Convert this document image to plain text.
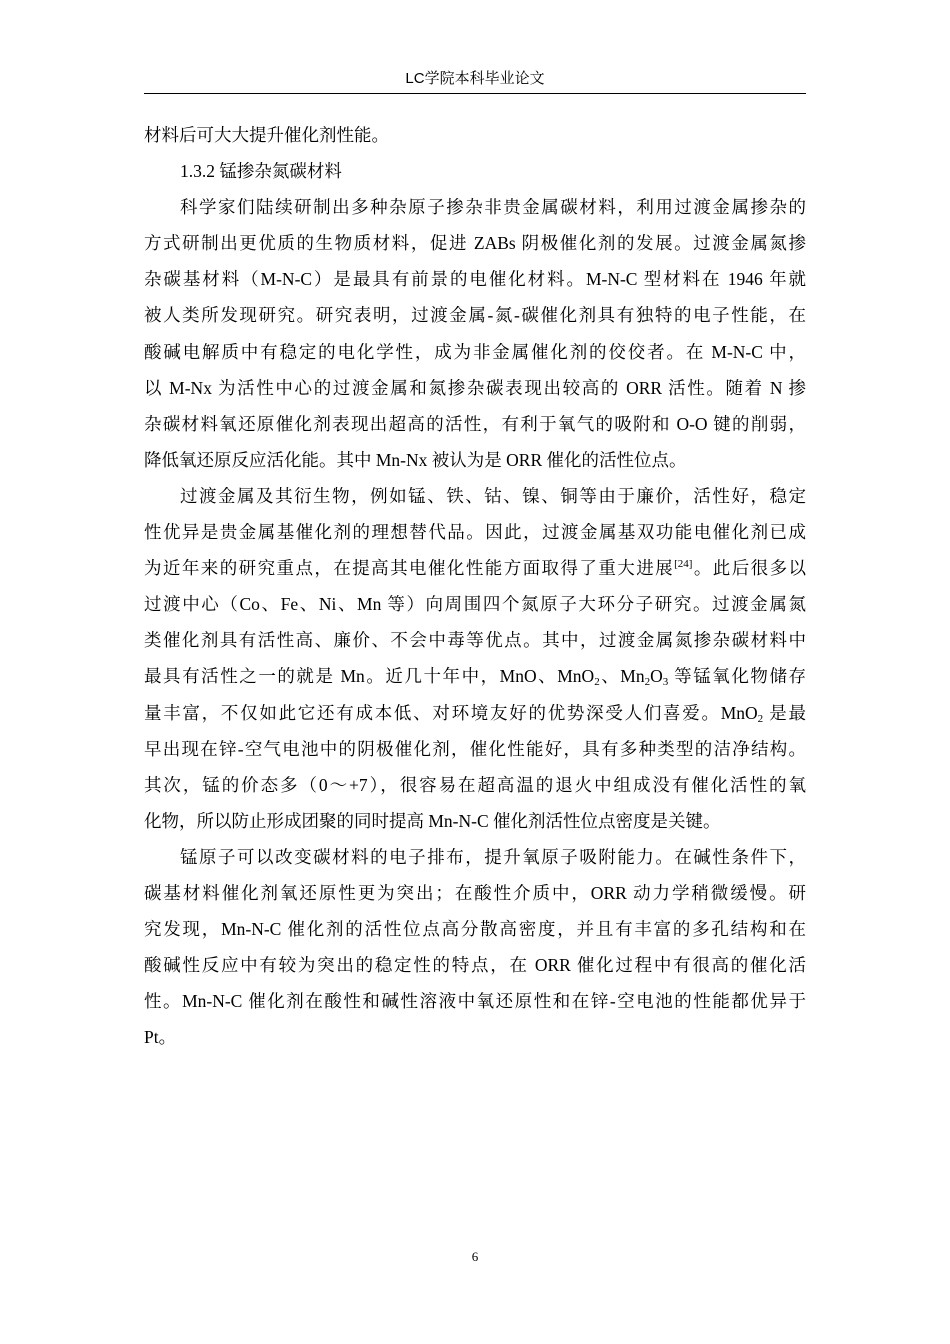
LC学院本科毕业论文
材料后可大大提升催化剂性能。
1.3.2 锰掺杂氮碳材料
科学家们陆续研制出多种杂原子掺杂非贵金属碳材料，利用过渡金属掺杂的
方式研制出更优质的生物质材料，促进 ZABs 阴极催化剂的发展。过渡金属氮掺
杂碳基材料（M-N-C）是最具有前景的电催化材料。M-N-C 型材料在 1946 年就
被人类所发现研究。研究表明，过渡金属-氮-碳催化剂具有独特的电子性能，在
酸碱电解质中有稳定的电化学性，成为非金属催化剂的佼佼者。在 M-N-C 中，
以 M-Nx 为活性中心的过渡金属和氮掺杂碳表现出较高的 ORR 活性。随着 N 掺
杂碳材料氧还原催化剂表现出超高的活性，有利于氧气的吸附和 O-O 键的削弱，
降低氧还原反应活化能。其中 Mn-Nx 被认为是 ORR 催化的活性位点。
过渡金属及其衍生物，例如锰、铁、钴、镍、铜等由于廉价，活性好，稳定
性优异是贵金属基催化剂的理想替代品。因此，过渡金属基双功能电催化剂已成
为近年来的研究重点，在提高其电催化性能方面取得了重大进展[24]。此后很多以
过渡中心（Co、Fe、Ni、Mn 等）向周围四个氮原子大环分子研究。过渡金属氮
类催化剂具有活性高、廉价、不会中毒等优点。其中，过渡金属氮掺杂碳材料中
最具有活性之一的就是 Mn。近几十年中，MnO、MnO$_2$、$Mn_2O_3$ 等锰氧化物储存
量丰富，不仅如此它还有成本低、对环境友好的优势深受人们喜爱。MnO$_2$ 是最
早出现在锌-空气电池中的阴极催化剂，催化性能好，具有多种类型的洁净结构。
其次，锰的价态多（0～+7），很容易在超高温的退火中组成没有催化活性的氧
化物，所以防止形成团聚的同时提高 Mn-N-C 催化剂活性位点密度是关键。
锰原子可以改变碳材料的电子排布，提升氧原子吸附能力。在碱性条件下，
碳基材料催化剂氧还原性更为突出；在酸性介质中，ORR 动力学稍微缓慢。研
究发现，Mn-N-C 催化剂的活性位点高分散高密度，并且有丰富的多孔结构和在
酸碱性反应中有较为突出的稳定性的特点，在 ORR 催化过程中有很高的催化活
性。Mn-N-C 催化剂在酸性和碱性溶液中氧还原性和在锌-空电池的性能都优异于
Pt。
6
